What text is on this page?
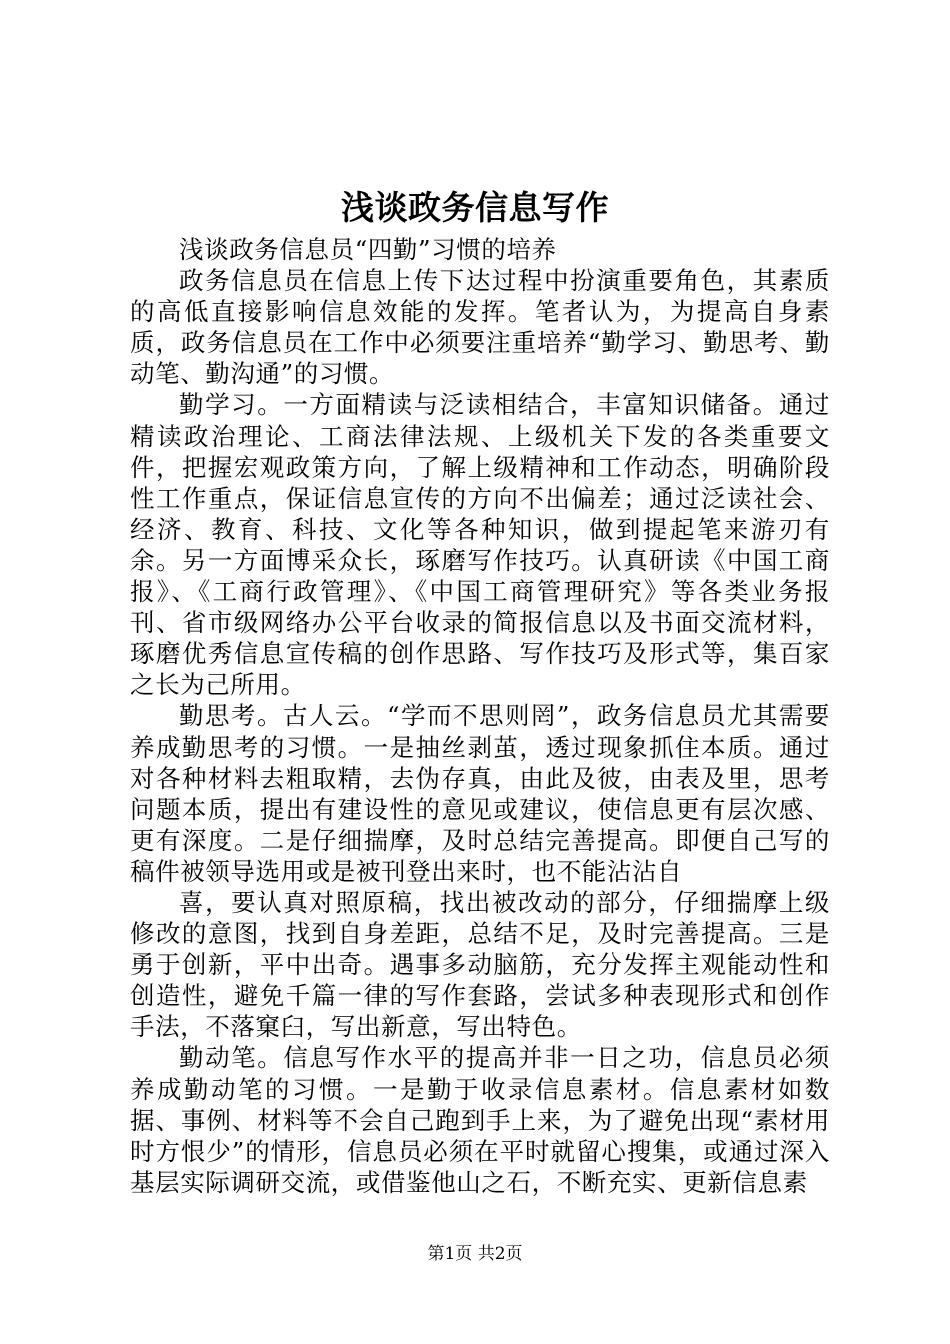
浅谈政务信息写作

浅谈政务信息员“四勤”习惯的培养

政务信息员在信息上传下达过程中扮演重要角色，其素质的高低直接影响信息效能的发挥。笔者认为，为提高自身素质，政务信息员在工作中必须要注重培养“勤学习、勤思考、勤动笔、勤沟通”的习惯。

勤学习。一方面精读与泛读相结合，丰富知识储备。通过精读政治理论、工商法律法规、上级机关下发的各类重要文件，把握宏观政策方向，了解上级精神和工作动态，明确阶段性工作重点，保证信息宣传的方向不出偏差；通过泛读社会、经济、教育、科技、文化等各种知识，做到提起笔来游刃有余。另一方面博采众长，琢磨写作技巧。认真研读《中国工商报》、《工商行政管理》、《中国工商管理研究》等各类业务报刊、省市级网络办公平台收录的简报信息以及书面交流材料，琢磨优秀信息宣传稿的创作思路、写作技巧及形式等，集百家之长为己所用。

勤思考。古人云。“学而不思则罔”，政务信息员尤其需要养成勤思考的习惯。一是抽丝剥茧，透过现象抓住本质。通过对各种材料去粗取精，去伪存真，由此及彼，由表及里，思考问题本质，提出有建设性的意见或建议，使信息更有层次感、更有深度。二是仔细揣摩，及时总结完善提高。即便自己写的稿件被领导选用或是被刊登出来时，也不能沾沾自

喜，要认真对照原稿，找出被改动的部分，仔细揣摩上级修改的意图，找到自身差距，总结不足，及时完善提高。三是勇于创新，平中出奇。遇事多动脑筋，充分发挥主观能动性和创造性，避免千篇一律的写作套路，尝试多种表现形式和创作手法，不落窠臼，写出新意，写出特色。

勤动笔。信息写作水平的提高并非一日之功，信息员必须养成勤动笔的习惯。一是勤于收录信息素材。信息素材如数据、事例、材料等不会自己跑到手上来，为了避免出现“素材用时方恨少”的情形，信息员必须在平时就留心搜集，或通过深入基层实际调研交流，或借鉴他山之石，不断充实、更新信息素

第1页 共2页
